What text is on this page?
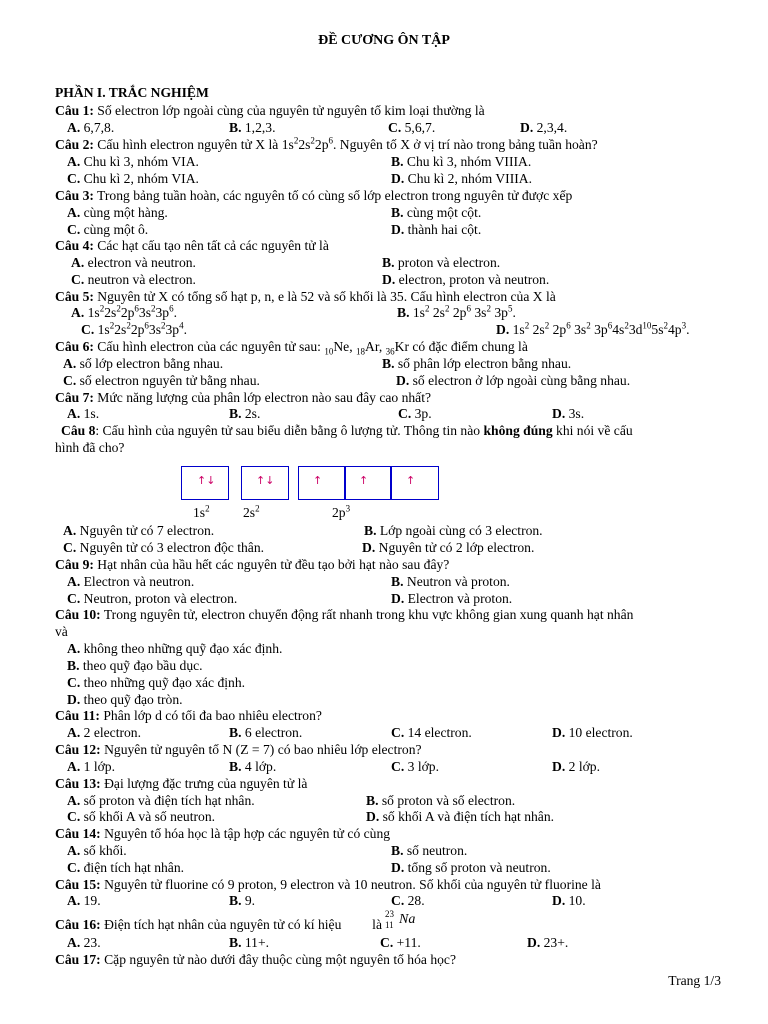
ĐỀ CƯƠNG ÔN TẬP
PHẦN I. TRẮC NGHIỆM
Câu 1: Số electron lớp ngoài cùng của nguyên tử nguyên tố kim loại thường là
A. 6,7,8.	B. 1,2,3.	C. 5,6,7.	D. 2,3,4.
Câu 2: Cấu hình electron nguyên tử X là $1s^22s^22p^6$. Nguyên tố X ở vị trí nào trong bảng tuần hoàn?
A. Chu kì 3, nhóm VIA.	B. Chu kì 3, nhóm VIIIA.
C. Chu kì 2, nhóm VIA.	D. Chu kì 2, nhóm VIIIA.
Câu 3: Trong bảng tuần hoàn, các nguyên tố có cùng số lớp electron trong nguyên tử được xếp
A. cùng một hàng.	B. cùng một cột.
C. cùng một ô.	D. thành hai cột.
Câu 4: Các hạt cấu tạo nên tất cả các nguyên tử là
A. electron và neutron.	B. proton và electron.
C. neutron và electron.	D. electron, proton và neutron.
Câu 5: Nguyên tử X có tổng số hạt p, n, e là 52 và số khối là 35. Cấu hình electron của X là
A. $1s^22s^22p^63s^23p^6$.	B. $1s^2$ $2s^2$ $2p^6$ $3s^2$ $3p^5$.
C. $1s^22s^22p^63s^23p^4$.	D. $1s^2$ $2s^2$ $2p^6$ $3s^2$ $3p^64s^23d^{10}5s^24p^3$.
Câu 6: Cấu hình electron của các nguyên tử sau: $_{10}$Ne, $_{18}$Ar, $_{36}$Kr có đặc điểm chung là
A. số lớp electron bằng nhau.	B. số phân lớp electron bằng nhau.
C. số electron nguyên tử bằng nhau.	D. số electron ở lớp ngoài cùng bằng nhau.
Câu 7: Mức năng lượng của phân lớp electron nào sau đây cao nhất?
A. 1s.	B. 2s.	C. 3p.	D. 3s.
Câu 8: Cấu hình của nguyên tử sau biểu diễn bằng ô lượng tử. Thông tin nào không đúng khi nói về cấu
hình đã cho?
↑↓	↑↓	↑	↑	↑
$1s^2$ $2s^2$	$2p^3$
A. Nguyên tử có 7 electron.	B. Lớp ngoài cùng có 3 electron.
C. Nguyên tử có 3 electron độc thân.	D. Nguyên tử có 2 lớp electron.
Câu 9: Hạt nhân của hầu hết các nguyên tử đều tạo bởi hạt nào sau đây?
A. Electron và neutron.	B. Neutron và proton.
C. Neutron, proton và electron.	D. Electron và proton.
Câu 10: Trong nguyên tử, electron chuyển động rất nhanh trong khu vực không gian xung quanh hạt nhân
và
A. không theo những quỹ đạo xác định.
B. theo quỹ đạo bầu dục.
C. theo những quỹ đạo xác định.
D. theo quỹ đạo tròn.
Câu 11: Phân lớp d có tối đa bao nhiêu electron?
A. 2 electron.	B. 6 electron.	C. 14 electron.	D. 10 electron.
Câu 12: Nguyên tử nguyên tố N (Z = 7) có bao nhiêu lớp electron?
A. 1 lớp.	B. 4 lớp.	C. 3 lớp.	D. 2 lớp.
Câu 13: Đại lượng đặc trưng của nguyên tử là
A. số proton và điện tích hạt nhân.	B. số proton và số electron.
C. số khối A và số neutron.	D. số khối A và điện tích hạt nhân.
Câu 14: Nguyên tố hóa học là tập hợp các nguyên tử có cùng
A. số khối.	B. số neutron.
C. điện tích hạt nhân.	D. tổng số proton và neutron.
Câu 15: Nguyên tử fluorine có 9 proton, 9 electron và 10 neutron. Số khối của nguyên tử fluorine là
A. 19.	B. 9.	C. 28.	D. 10.
Câu 16: Điện tích hạt nhân của nguyên tử có kí hiệu  là
23
11 Na
A. 23.	B. 11+.	C. +11.	D. 23+.
Câu 17: Cặp nguyên tử nào dưới đây thuộc cùng một nguyên tố hóa học?
Trang 1/3
